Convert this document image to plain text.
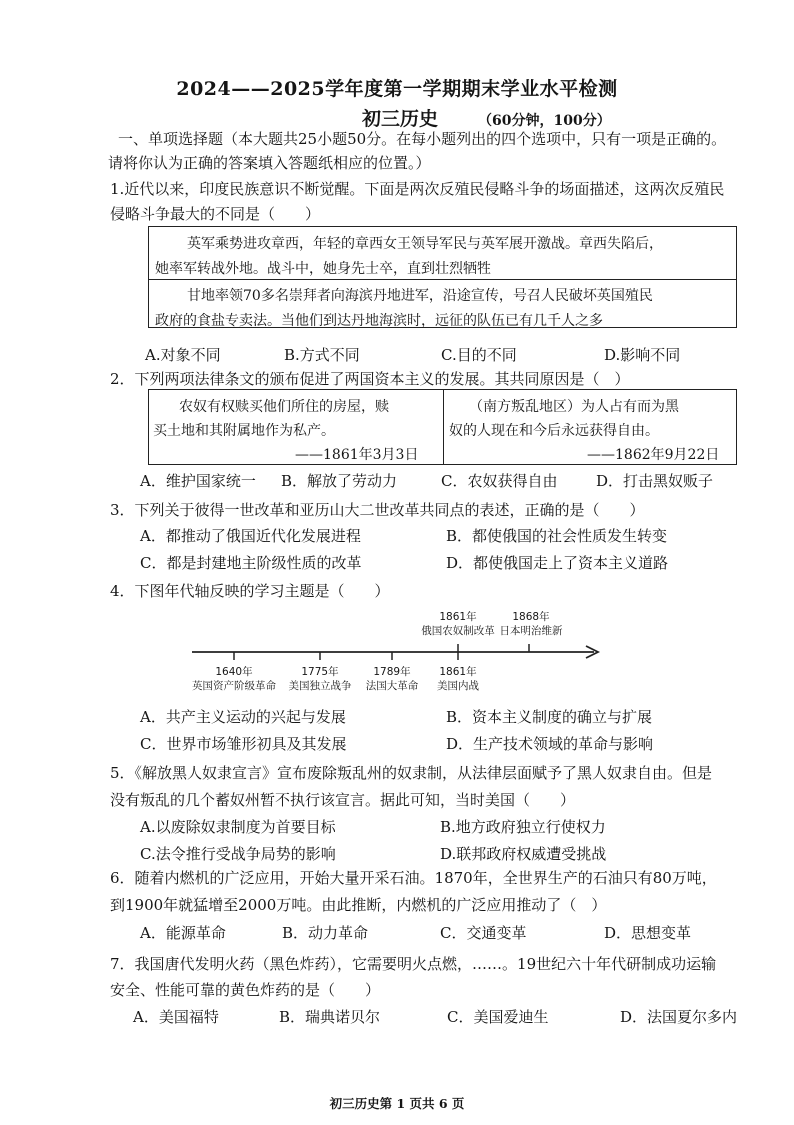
2024——2025学年度第一学期期末学业水平检测
初三历史	（60分钟，100分）
一、单项选择题（本大题共25小题50分。在每小题列出的四个选项中，只有一项是正确的。
请将你认为正确的答案填入答题纸相应的位置。）
1.近代以来，印度民族意识不断觉醒。下面是两次反殖民侵略斗争的场面描述，这两次反殖民
侵略斗争最大的不同是（　　）

英军乘势进攻章西，年轻的章西女王领导军民与英军展开激战。章西失陷后，

她率军转战外地。战斗中，她身先士卒，直到壮烈牺牲

甘地率领70多名崇拜者向海滨丹地进军，沿途宣传，号召人民破坏英国殖民

政府的食盐专卖法。当他们到达丹地海滨时，远征的队伍已有几千人之多

A.对象不同	B.方式不同	C.目的不同	D.影响不同
2．下列两项法律条文的颁布促进了两国资本主义的发展。其共同原因是（　）

农奴有权赎买他们所住的房屋，赎

买土地和其附属地作为私产。

——1861年3月3日

（南方叛乱地区）为人占有而为黑

奴的人现在和今后永远获得自由。

——1862年9月22日

A．维护国家统一 B．解放了劳动力	C．农奴获得自由	D．打击黑奴贩子
3．下列关于彼得一世改革和亚历山大二世改革共同点的表述，正确的是（　　）
A．都推动了俄国近代化发展进程	B．都使俄国的社会性质发生转变
C．都是封建地主阶级性质的改革	D．都使俄国走上了资本主义道路
4．下图年代轴反映的学习主题是（　　）
1861年
俄国农奴制改革
1868年
日本明治维新
1640年
英国资产阶级革命
1775年
美国独立战争
1789年
法国大革命
1861年
美国内战
A．共产主义运动的兴起与发展	B．资本主义制度的确立与扩展
C．世界市场雏形初具及其发展	D．生产技术领域的革命与影响
5．《解放黑人奴隶宣言》宣布废除叛乱州的奴隶制，从法律层面赋予了黑人奴隶自由。但是
没有叛乱的几个蓄奴州暂不执行该宣言。据此可知，当时美国（　　）
A.以废除奴隶制度为首要目标	B.地方政府独立行使权力
C.法令推行受战争局势的影响	D.联邦政府权威遭受挑战
6．随着内燃机的广泛应用，开始大量开采石油。1870年，全世界生产的石油只有80万吨，
到1900年就猛增至2000万吨。由此推断，内燃机的广泛应用推动了（　）
A．能源革命	B．动力革命	C．交通变革	D．思想变革
7．我国唐代发明火药（黑色炸药），它需要明火点燃，……。19世纪六十年代研制成功运输
安全、性能可靠的黄色炸药的是（　　）
A．美国福特	B．瑞典诺贝尔	C．美国爱迪生	D．法国夏尔多内
初三历史第 1 页共 6 页
